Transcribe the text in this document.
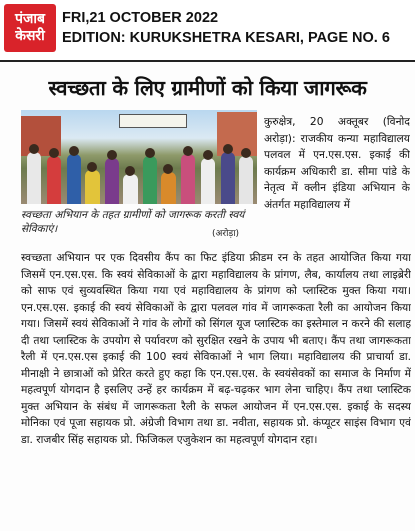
पंजाब
केसरी
FRI,21 OCTOBER 2022
EDITION: KURUKSHETRA KESARI, PAGE NO. 6
स्वच्छता के लिए ग्रामीणों को किया जागरूक
स्वच्छता अभियान के तहत ग्रामीणों को जागरूक करती स्वयं सेविकाएं।	(अरोड़ा)
कुरुक्षेत्र, 20 अक्तूबर (विनोद अरोड़ा): राजकीय कन्या महाविद्यालय पलवल में एन.एस.एस. इकाई की कार्यक्रम अधिकारी डा. सीमा पांडे के नेतृत्व में क्लीन इंडिया अभियान के अंतर्गत महाविद्यालय में
स्वच्छता अभियान पर एक दिवसीय कैंप का फिट इंडिया फ्रीडम रन के तहत आयोजित किया गया जिसमें एन.एस.एस. कि स्वयं सेविकाओं के द्वारा महाविद्यालय के प्रांगण, लैब, कार्यालय तथा लाइब्रेरी को साफ एवं सुव्यवस्थित किया गया एवं महाविद्यालय के प्रांगण को प्लास्टिक मुक्त किया गया। एन.एस.एस. इकाई की स्वयं सेविकाओं के द्वारा पलवल गांव में जागरूकता रैली का आयोजन किया गया। जिसमें स्वयं सेविकाओं ने गांव के लोगों को सिंगल यूज प्लास्टिक का इस्तेमाल न करने की सलाह दी तथा प्लास्टिक के उपयोग से पर्यावरण को सुरक्षित रखने के उपाय भी बताए। कैंप तथा जागरूकता रैली में एन.एस.एस इकाई की 100 स्वयं सेविकाओं ने भाग लिया। महाविद्यालय की प्राचार्या डा. मीनाक्षी ने छात्राओं को प्रेरित करते हुए कहा कि एन.एस.एस. के स्वयंसेवकों का समाज के निर्माण में महत्वपूर्ण योगदान है इसलिए उन्हें हर कार्यक्रम में बढ़-चढ़कर भाग लेना चाहिए। कैंप तथा प्लास्टिक मुक्त अभियान के संबंध में जागरूकता रैली के सफल आयोजन में एन.एस.एस. इकाई के सदस्य मोनिका एवं पूजा सहायक प्रो. अंग्रेजी विभाग तथा डा. नवीता, सहायक प्रो. कंप्यूटर साइंस विभाग एवं डा. राजबीर सिंह सहायक प्रो. फिजिकल एजुकेशन का महत्वपूर्ण योगदान रहा।
